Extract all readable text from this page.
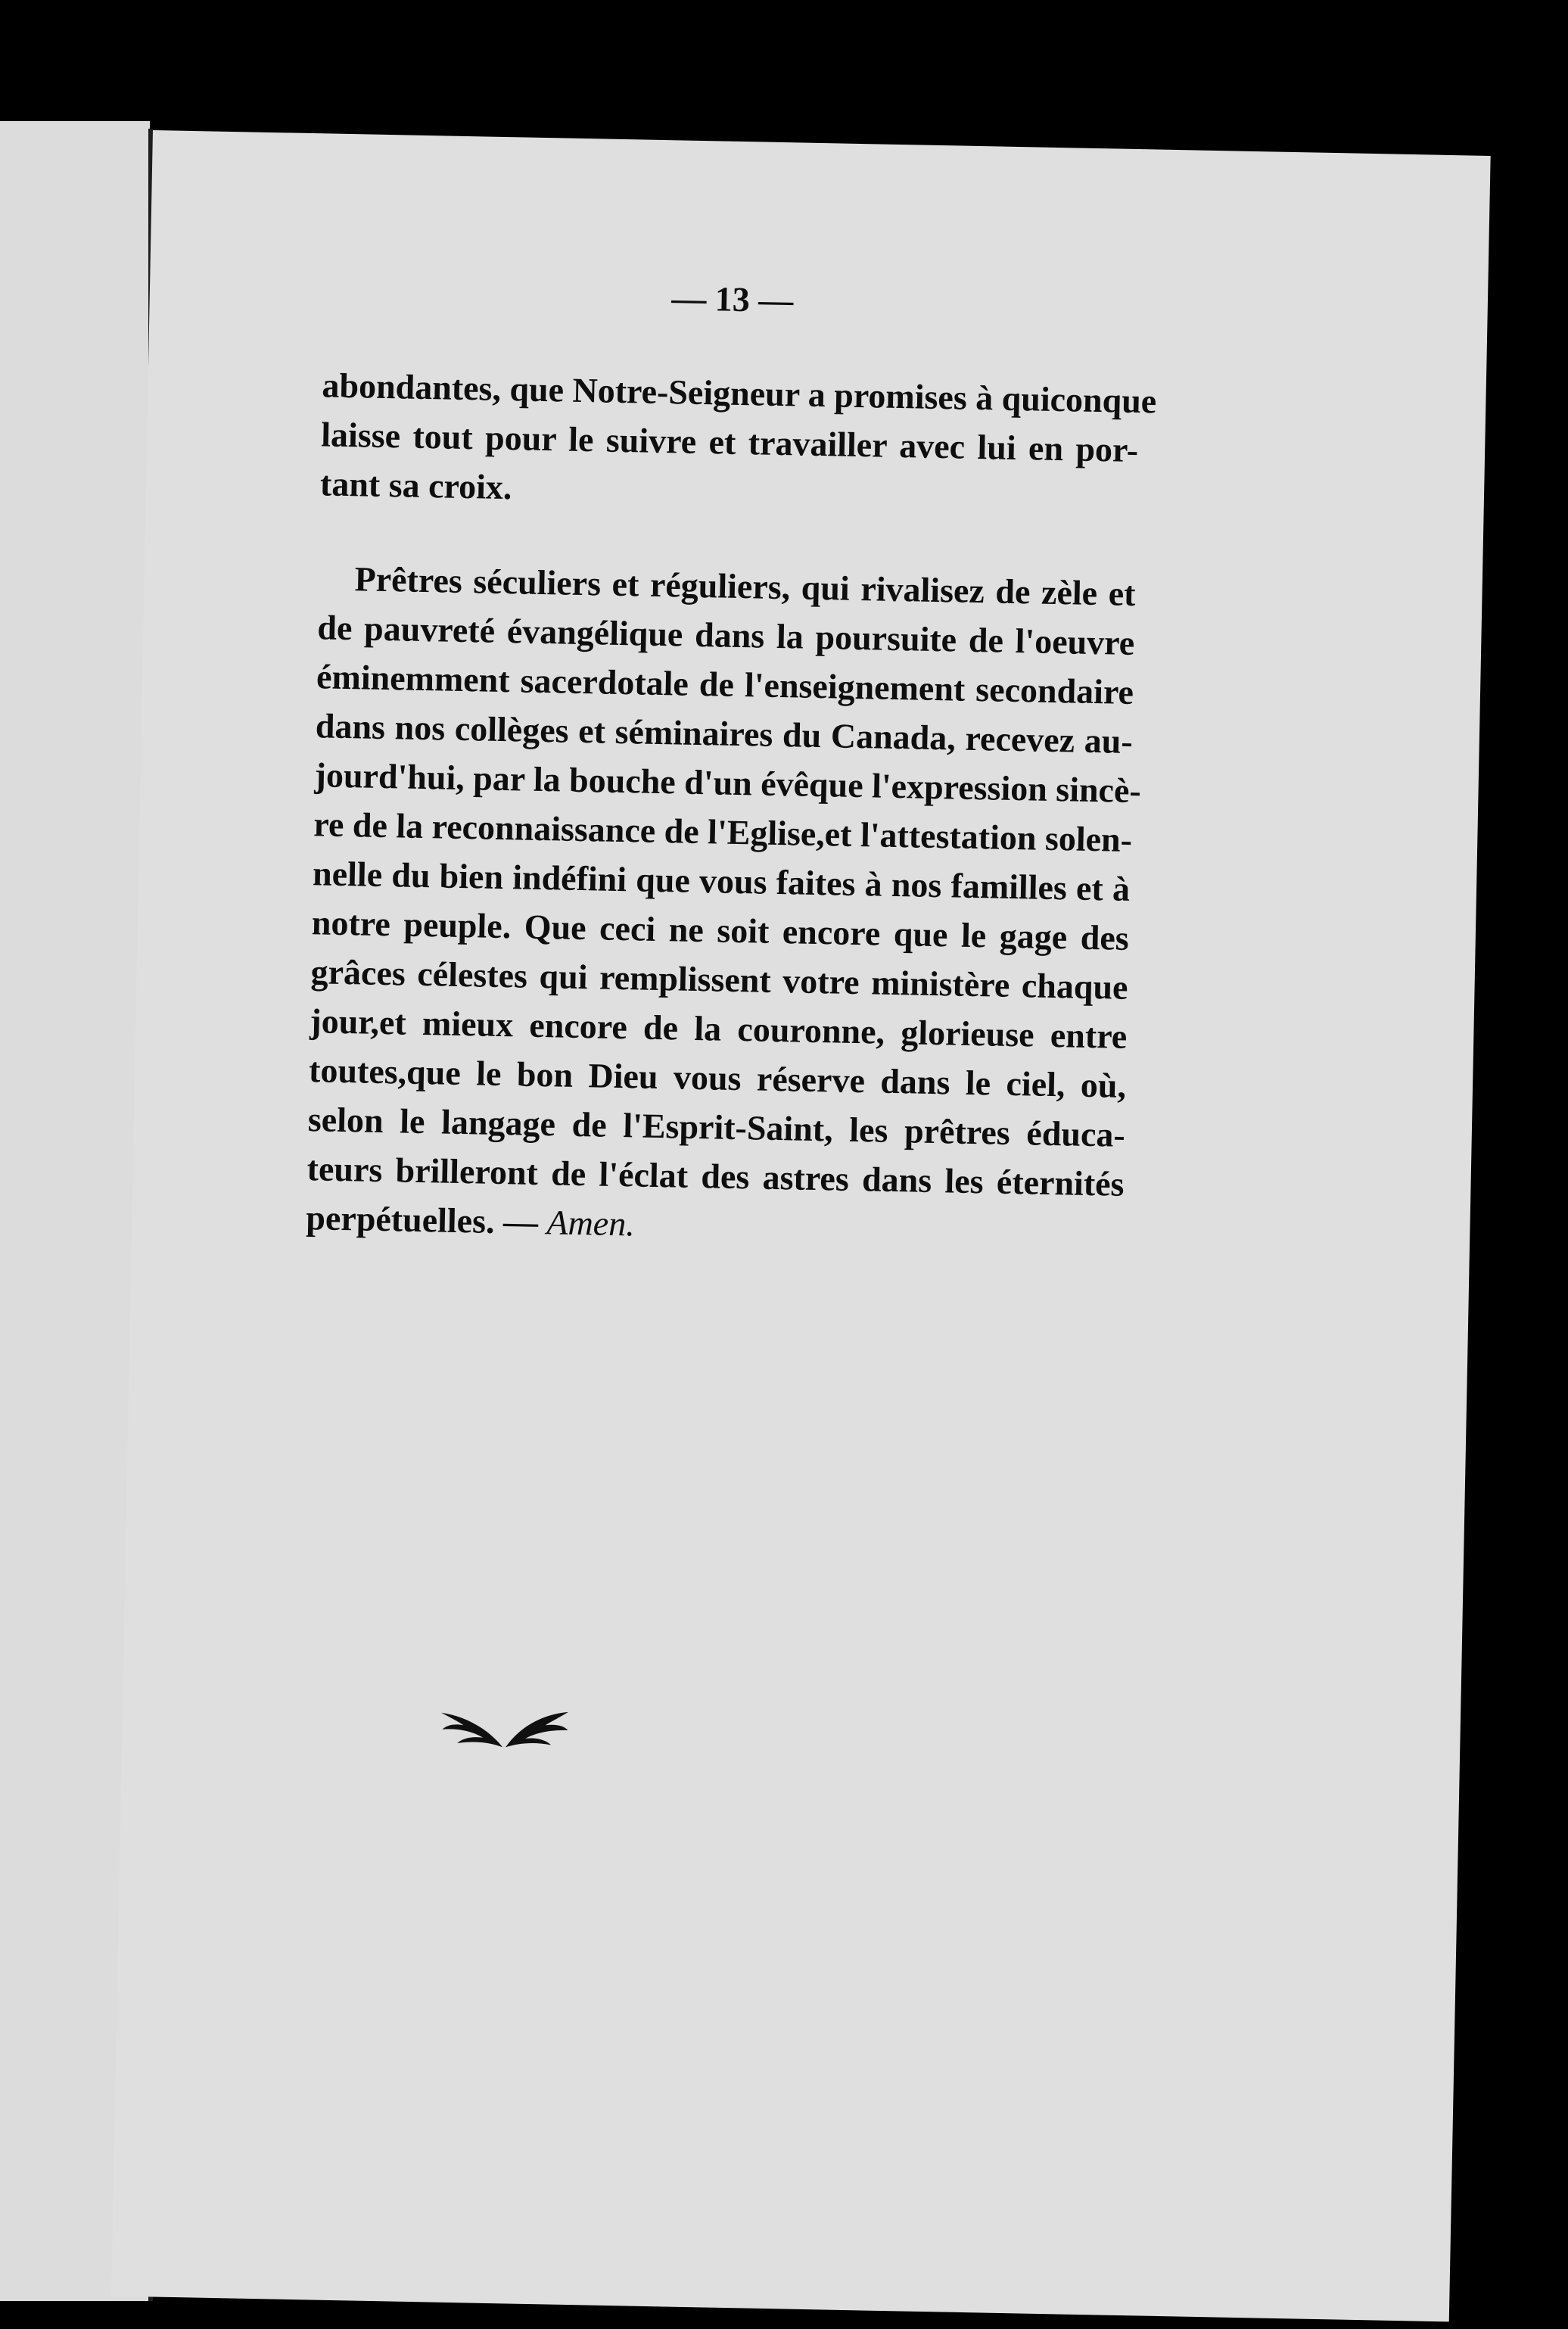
— 13 —
abondantes, que Notre-Seigneur a promises à quiconque
laisse tout pour le suivre et travailler avec lui en por-
tant sa croix.
Prêtres séculiers et réguliers, qui rivalisez de zèle et
de pauvreté évangélique dans la poursuite de l'oeuvre
éminemment sacerdotale de l'enseignement secondaire
dans nos collèges et séminaires du Canada, recevez au-
jourd'hui, par la bouche d'un évêque l'expression sincè-
re de la reconnaissance de l'Eglise,et l'attestation solen-
nelle du bien indéfini que vous faites à nos familles et à
notre peuple. Que ceci ne soit encore que le gage des
grâces célestes qui remplissent votre ministère chaque
jour,et mieux encore de la couronne, glorieuse entre
toutes,que le bon Dieu vous réserve dans le ciel, où,
selon le langage de l'Esprit-Saint, les prêtres éduca-
teurs brilleront de l'éclat des astres dans les éternités
perpétuelles. — Amen.
